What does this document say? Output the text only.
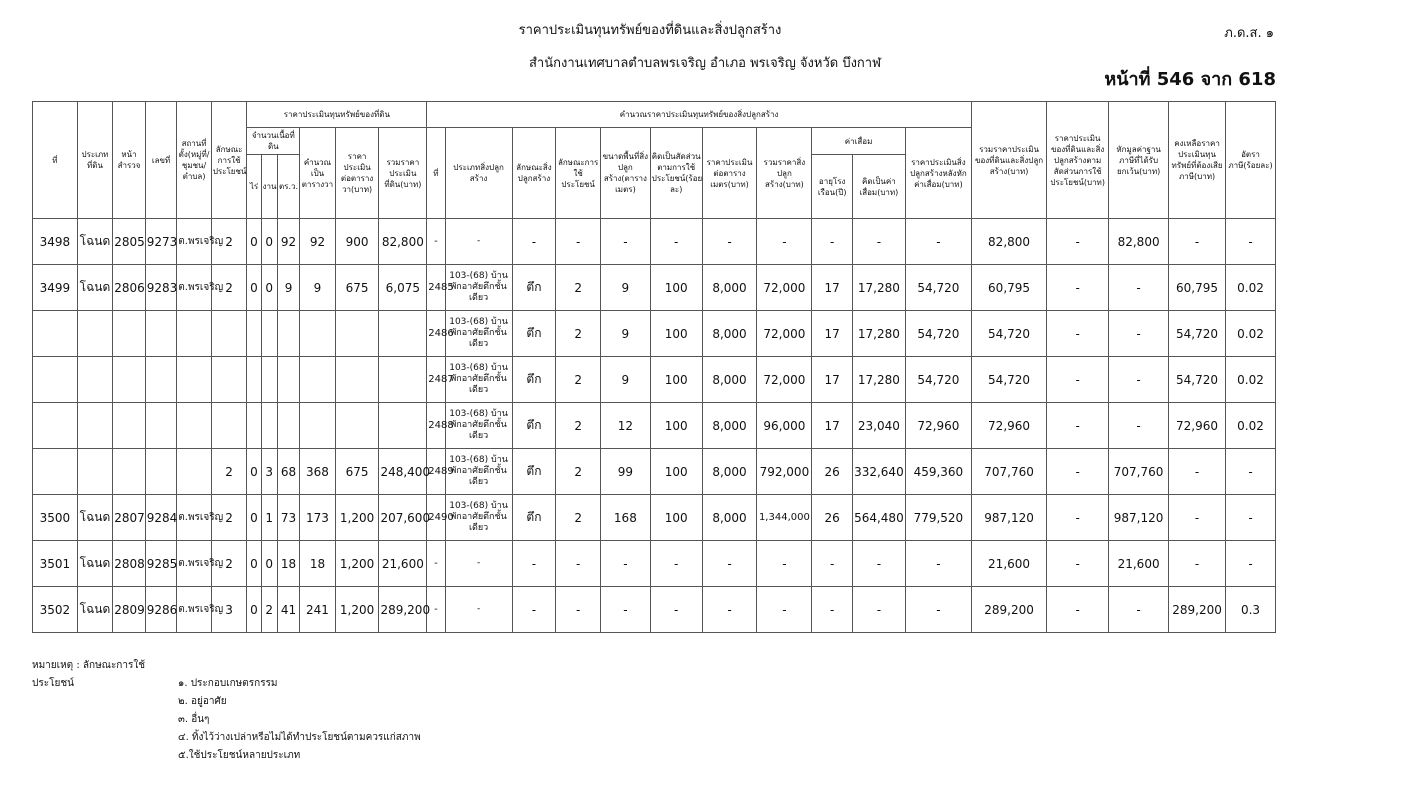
ราคาประเมินทุนทรัพย์ของที่ดินและสิ่งปลูกสร้าง	ภ.ด.ส. ๑
สำนักงานเทศบาลตำบลพรเจริญ อำเภอ พรเจริญ จังหวัด บึงกาฬ
หน้าที่ 546 จาก 618
ที่	ประเภทที่ดิน	หน้าสำรวจ	เลขที่	สถานที่ตั้ง(หมู่ที่/ชุมชน/ตำบล)	ลักษณะการใช้ประโยชน์	ราคาประเมินทุนทรัพย์ของที่ดิน						คำนวณราคาประเมินทุนทรัพย์ของสิ่งปลูกสร้าง											รวมราคาประเมินของที่ดินและสิ่งปลูกสร้าง(บาท)	ราคาประเมินของที่ดินและสิ่งปลูกสร้างตามสัดส่วนการใช้ประโยชน์(บาท)	หักมูลค่าฐานภาษีที่ได้รับยกเว้น(บาท)	คงเหลือราคาประเมินทุนทรัพย์ที่ต้องเสียภาษี(บาท)	อัตราภาษี(ร้อยละ)
						จำนวนเนื้อที่ดิน			คำนวณเป็นตารางวา	ราคาประเมินต่อตารางวา(บาท)	รวมราคาประเมินที่ดิน(บาท)	ที่	ประเภทสิ่งปลูกสร้าง	ลักษณะสิ่งปลูกสร้าง	ลักษณะการใช้ประโยชน์	ขนาดพื้นที่สิ่งปลูกสร้าง(ตารางเมตร)	คิดเป็นสัดส่วนตามการใช้ประโยชน์(ร้อยละ)	ราคาประเมินต่อตารางเมตร(บาท)	รวมราคาสิ่งปลูกสร้าง(บาท)	ค่าเสื่อม		ราคาประเมินสิ่งปลูกสร้างหลังหักค่าเสื่อม(บาท)					
						ไร่	งาน	ตร.ว.												อายุโรงเรือน(ปี)	คิดเป็นค่าเสื่อม(บาท)						
3498	โฉนด	2805	9273	ต.พรเจริญ	2	0	0	92	92	900	82,800	-	-	-	-	-	-	-	-	-	-	-	82,800	-	82,800	-	-
3499	โฉนด	2806	9283	ต.พรเจริญ	2	0	0	9	9	675	6,075	2485	103-(68) บ้านพักอาศัยตึกชั้นเดียว	ตึก	2	9	100	8,000	72,000	17	17,280	54,720	60,795	-	-	60,795	0.02
												2486	103-(68) บ้านพักอาศัยตึกชั้นเดียว	ตึก	2	9	100	8,000	72,000	17	17,280	54,720	54,720	-	-	54,720	0.02
												2487	103-(68) บ้านพักอาศัยตึกชั้นเดียว	ตึก	2	9	100	8,000	72,000	17	17,280	54,720	54,720	-	-	54,720	0.02
												2488	103-(68) บ้านพักอาศัยตึกชั้นเดียว	ตึก	2	12	100	8,000	96,000	17	23,040	72,960	72,960	-	-	72,960	0.02
					2	0	3	68	368	675	248,400	2489	103-(68) บ้านพักอาศัยตึกชั้นเดียว	ตึก	2	99	100	8,000	792,000	26	332,640	459,360	707,760	-	707,760	-	-
3500	โฉนด	2807	9284	ต.พรเจริญ	2	0	1	73	173	1,200	207,600	2490	103-(68) บ้านพักอาศัยตึกชั้นเดียว	ตึก	2	168	100	8,000	1,344,000	26	564,480	779,520	987,120	-	987,120	-	-
3501	โฉนด	2808	9285	ต.พรเจริญ	2	0	0	18	18	1,200	21,600	-	-	-	-	-	-	-	-	-	-	-	21,600	-	21,600	-	-
3502	โฉนด	2809	9286	ต.พรเจริญ	3	0	2	41	241	1,200	289,200	-	-	-	-	-	-	-	-	-	-	-	289,200	-	-	289,200	0.3
หมายเหตุ : ลักษณะการใช้ประโยชน์	๑. ประกอบเกษตรกรรม
๒. อยู่อาศัย
๓. อื่นๆ
๔. ทิ้งไว้ว่างเปล่าหรือไม่ได้ทำประโยชน์ตามควรแก่สภาพ
๕.ใช้ประโยชน์หลายประเภท
